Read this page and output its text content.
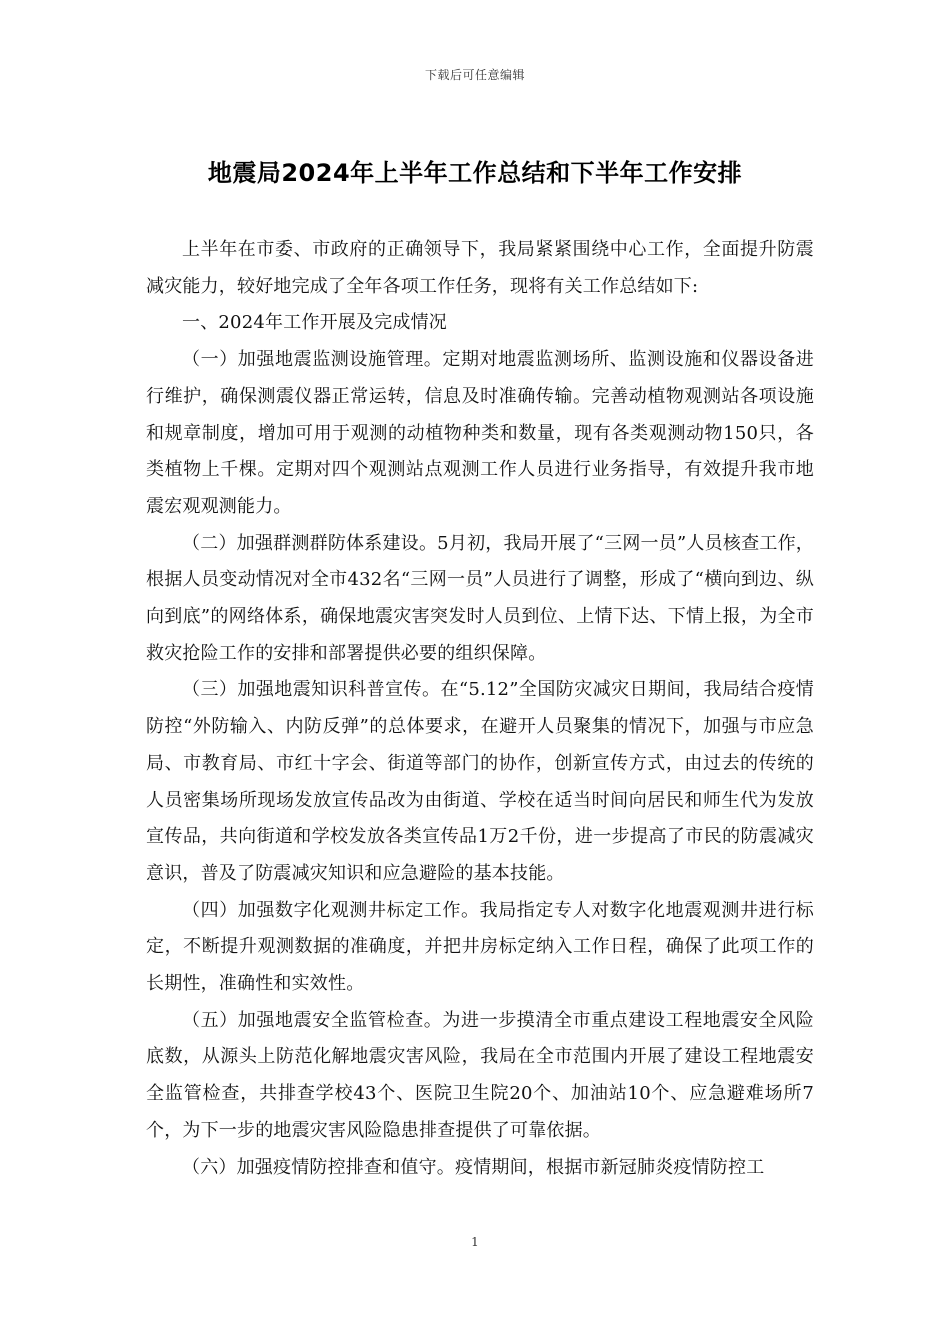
下载后可任意编辑
地震局2024年上半年工作总结和下半年工作安排

上半年在市委、市政府的正确领导下，我局紧紧围绕中心工作，全面提升防震减灾能力，较好地完成了全年各项工作任务，现将有关工作总结如下:

一、2024年工作开展及完成情况

（一）加强地震监测设施管理。定期对地震监测场所、监测设施和仪器设备进行维护，确保测震仪器正常运转，信息及时准确传输。完善动植物观测站各项设施和规章制度，增加可用于观测的动植物种类和数量，现有各类观测动物150只，各类植物上千棵。定期对四个观测站点观测工作人员进行业务指导，有效提升我市地震宏观观测能力。

（二）加强群测群防体系建设。5月初，我局开展了“三网一员”人员核查工作，根据人员变动情况对全市432名“三网一员”人员进行了调整，形成了“横向到边、纵向到底”的网络体系，确保地震灾害突发时人员到位、上情下达、下情上报，为全市救灾抢险工作的安排和部署提供必要的组织保障。

（三）加强地震知识科普宣传。在“5.12”全国防灾减灾日期间，我局结合疫情防控“外防输入、内防反弹”的总体要求，在避开人员聚集的情况下，加强与市应急局、市教育局、市红十字会、街道等部门的协作，创新宣传方式，由过去的传统的人员密集场所现场发放宣传品改为由街道、学校在适当时间向居民和师生代为发放宣传品，共向街道和学校发放各类宣传品1万2千份，进一步提高了市民的防震减灾意识，普及了防震减灾知识和应急避险的基本技能。

（四）加强数字化观测井标定工作。我局指定专人对数字化地震观测井进行标定，不断提升观测数据的准确度，并把井房标定纳入工作日程，确保了此项工作的长期性，准确性和实效性。

（五）加强地震安全监管检查。为进一步摸清全市重点建设工程地震安全风险底数，从源头上防范化解地震灾害风险，我局在全市范围内开展了建设工程地震安全监管检查，共排查学校43个、医院卫生院20个、加油站10个、应急避难场所7个，为下一步的地震灾害风险隐患排查提供了可靠依据。

（六）加强疫情防控排查和值守。疫情期间，根据市新冠肺炎疫情防控工

1
